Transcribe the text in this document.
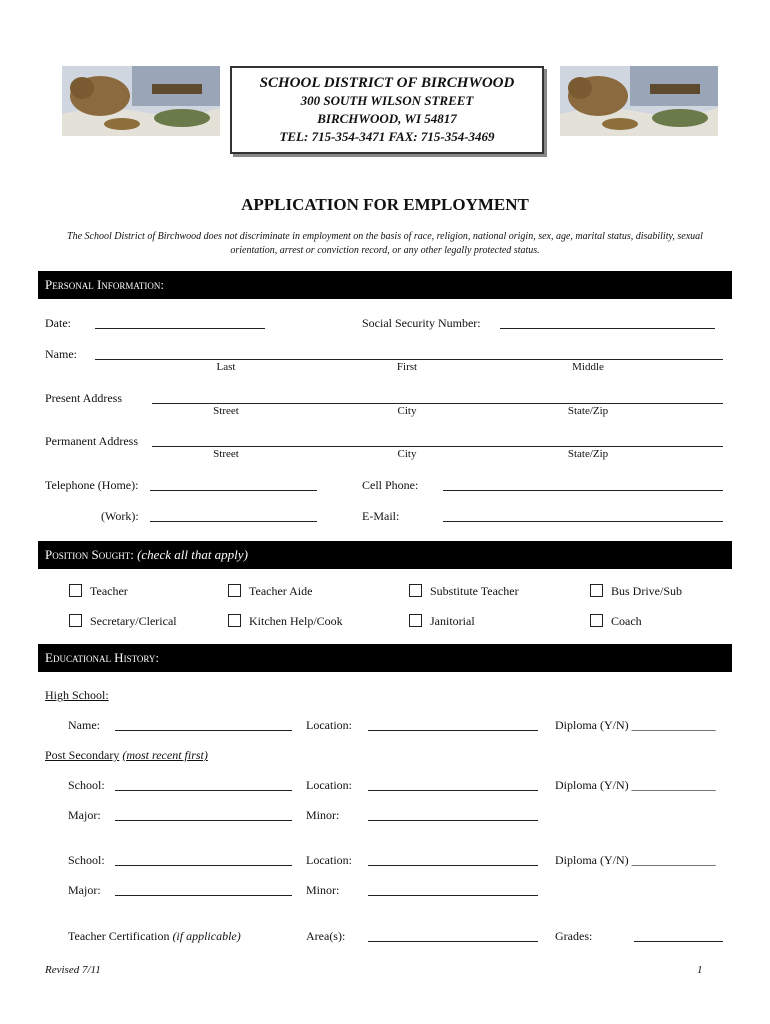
SCHOOL DISTRICT OF BIRCHWOOD
300 SOUTH WILSON STREET
BIRCHWOOD, WI 54817
TEL: 715-354-3471 FAX: 715-354-3469
APPLICATION FOR EMPLOYMENT
The School District of Birchwood does not discriminate in employment on the basis of race, religion, national origin, sex, age, marital status, disability, sexual orientation, arrest or conviction record, or any other legally protected status.
Personal Information:
Date:	Social Security Number:
Name:
Last	First	Middle
Present Address
Street	City	State/Zip
Permanent Address
Street	City	State/Zip
Telephone (Home):	Cell Phone:
(Work):	E-Mail:
Position Sought: (check all that apply)
Teacher	Teacher Aide	Substitute Teacher	Bus Drive/Sub
Secretary/Clerical	Kitchen Help/Cook	Janitorial	Coach
Educational History:
High School:
Name:	Location:	Diploma (Y/N) ______________
Post Secondary (most recent first)
School:	Location:	Diploma (Y/N) ______________
Major:	Minor:
School:	Location:	Diploma (Y/N) ______________
Major:	Minor:
Teacher Certification (if applicable)	Area(s):	Grades:
Revised 7/11	1
